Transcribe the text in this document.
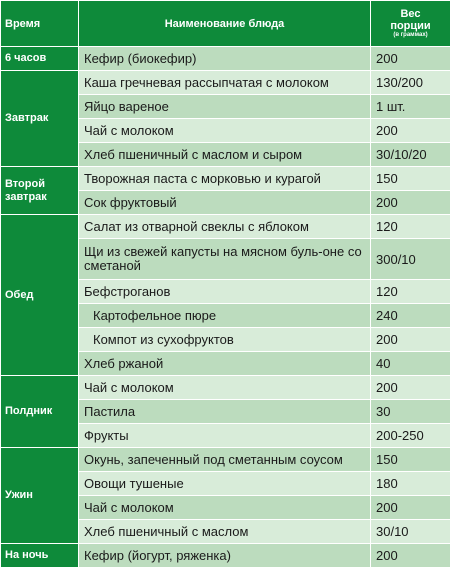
Время	Наименование блюда	Вес
порции
(в граммах)

6 часов	Кефир (биокефир)	200
Завтрак	Каша гречневая рассыпчатая с молоком	130/200
	Яйцо вареное	1 шт.
	Чай с молоком	200
	Хлеб пшеничный с маслом и сыром	30/10/20
Второй завтрак	Творожная паста с морковью и курагой	150
	Сок фруктовый	200
Обед	Салат из отварной свеклы с яблоком	120
	Щи из свежей капусты на мясном буль-оне со сметаной	300/10
	Бефстроганов	120
	Картофельное пюре	240
	Компот из сухофруктов	200
	Хлеб ржаной	40
Полдник	Чай с молоком	200
	Пастила	30
	Фрукты	200-250
Ужин	Окунь, запеченный под сметанным соусом	150
	Овощи тушеные	180
	Чай с молоком	200
	Хлеб пшеничный с маслом	30/10
На ночь	Кефир (йогурт, ряженка)	200
